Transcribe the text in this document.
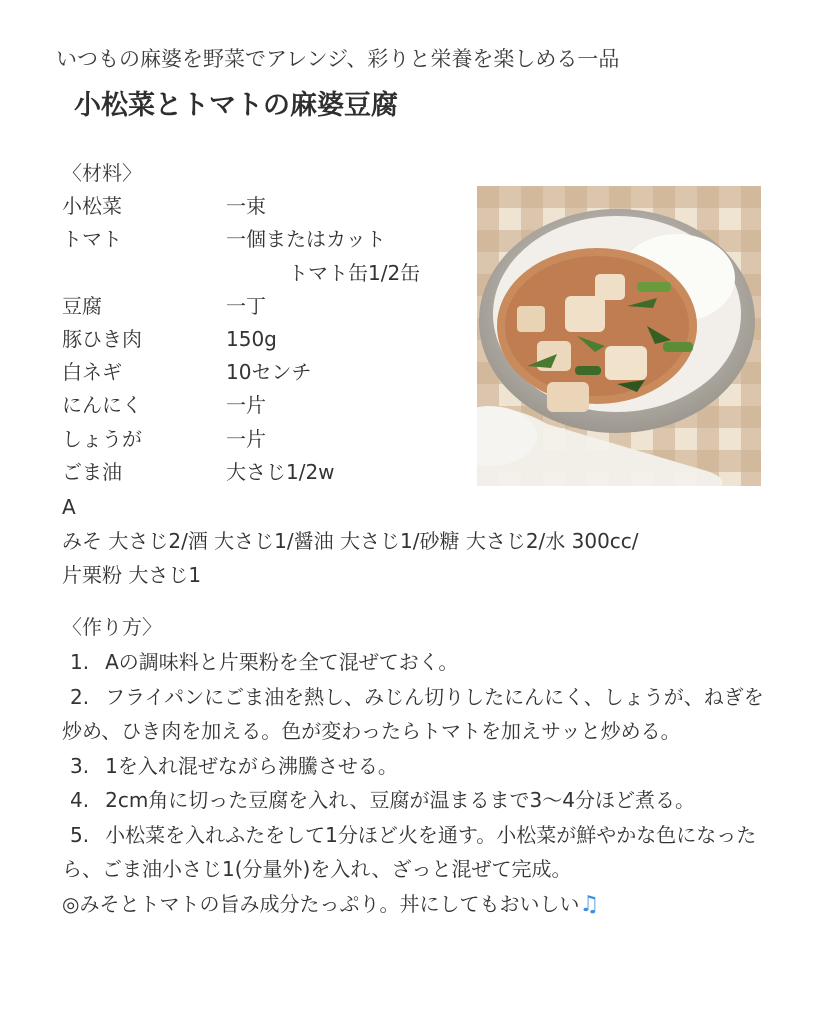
いつもの麻婆を野菜でアレンジ、彩りと栄養を楽しめる一品
小松菜とトマトの麻婆豆腐
〈材料〉
小松菜	一束
トマト	一個またはカット
トマト缶1/2缶
豆腐	一丁
豚ひき肉	150g
白ネギ	10センチ
にんにく	一片
しょうが	一片
ごま油	大さじ1/2w
A
みそ 大さじ2/酒 大さじ1/醤油 大さじ1/砂糖 大さじ2/水 300cc/
片栗粉 大さじ1
〈作り方〉
1. Aの調味料と片栗粉を全て混ぜておく。
2. フライパンにごま油を熱し、みじん切りしたにんにく、しょうが、ねぎを炒め、ひき肉を加える。色が変わったらトマトを加えサッと炒める。
3. 1を入れ混ぜながら沸騰させる。
4. 2cm角に切った豆腐を入れ、豆腐が温まるまで3〜4分ほど煮る。
5. 小松菜を入れふたをして1分ほど火を通す。小松菜が鮮やかな色になったら、ごま油小さじ1(分量外)を入れ、ざっと混ぜて完成。
◎みそとトマトの旨み成分たっぷり。丼にしてもおいしい♫
